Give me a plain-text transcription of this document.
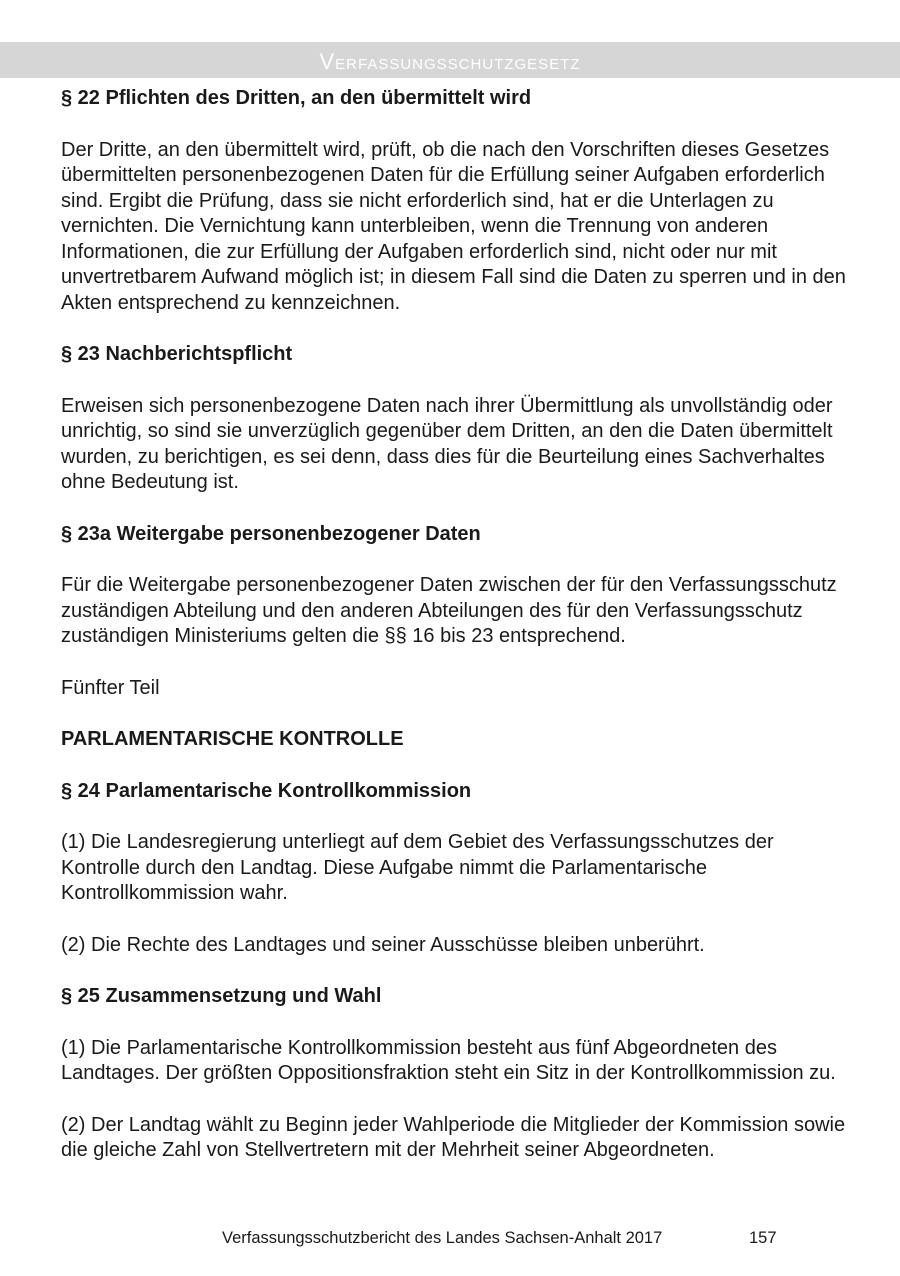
Verfassungsschutzgesetz
§ 22 Pflichten des Dritten, an den übermittelt wird
Der Dritte, an den übermittelt wird, prüft, ob die nach den Vorschriften dieses Gesetzes übermittelten personenbezogenen Daten für die Erfüllung seiner Aufgaben erforderlich sind. Ergibt die Prüfung, dass sie nicht erforderlich sind, hat er die Unterlagen zu vernichten. Die Vernichtung kann unterbleiben, wenn die Trennung von anderen Informationen, die zur Erfüllung der Aufgaben erforderlich sind, nicht oder nur mit unvertretbarem Aufwand möglich ist; in diesem Fall sind die Daten zu sperren und in den Akten entsprechend zu kennzeichnen.
§ 23 Nachberichtspflicht
Erweisen sich personenbezogene Daten nach ihrer Übermittlung als unvollständig oder unrichtig, so sind sie unverzüglich gegenüber dem Dritten, an den die Daten übermittelt wurden, zu berichtigen, es sei denn, dass dies für die Beurteilung eines Sachverhaltes ohne Bedeutung ist.
§ 23a Weitergabe personenbezogener Daten
Für die Weitergabe personenbezogener Daten zwischen der für den Verfassungsschutz zuständigen Abteilung und den anderen Abteilungen des für den Verfassungsschutz zuständigen Ministeriums gelten die §§ 16 bis 23 entsprechend.
Fünfter Teil
PARLAMENTARISCHE KONTROLLE
§ 24 Parlamentarische Kontrollkommission
(1) Die Landesregierung unterliegt auf dem Gebiet des Verfassungsschutzes der Kontrolle durch den Landtag. Diese Aufgabe nimmt die Parlamentarische Kontrollkommission wahr.
(2) Die Rechte des Landtages und seiner Ausschüsse bleiben unberührt.
§ 25 Zusammensetzung und Wahl
(1) Die Parlamentarische Kontrollkommission besteht aus fünf Abgeordneten des Landtages. Der größten Oppositionsfraktion steht ein Sitz in der Kontrollkommission zu.
(2) Der Landtag wählt zu Beginn jeder Wahlperiode die Mitglieder der Kommission sowie die gleiche Zahl von Stellvertretern mit der Mehrheit seiner Abgeordneten.
Verfassungsschutzbericht des Landes Sachsen-Anhalt 2017	157
